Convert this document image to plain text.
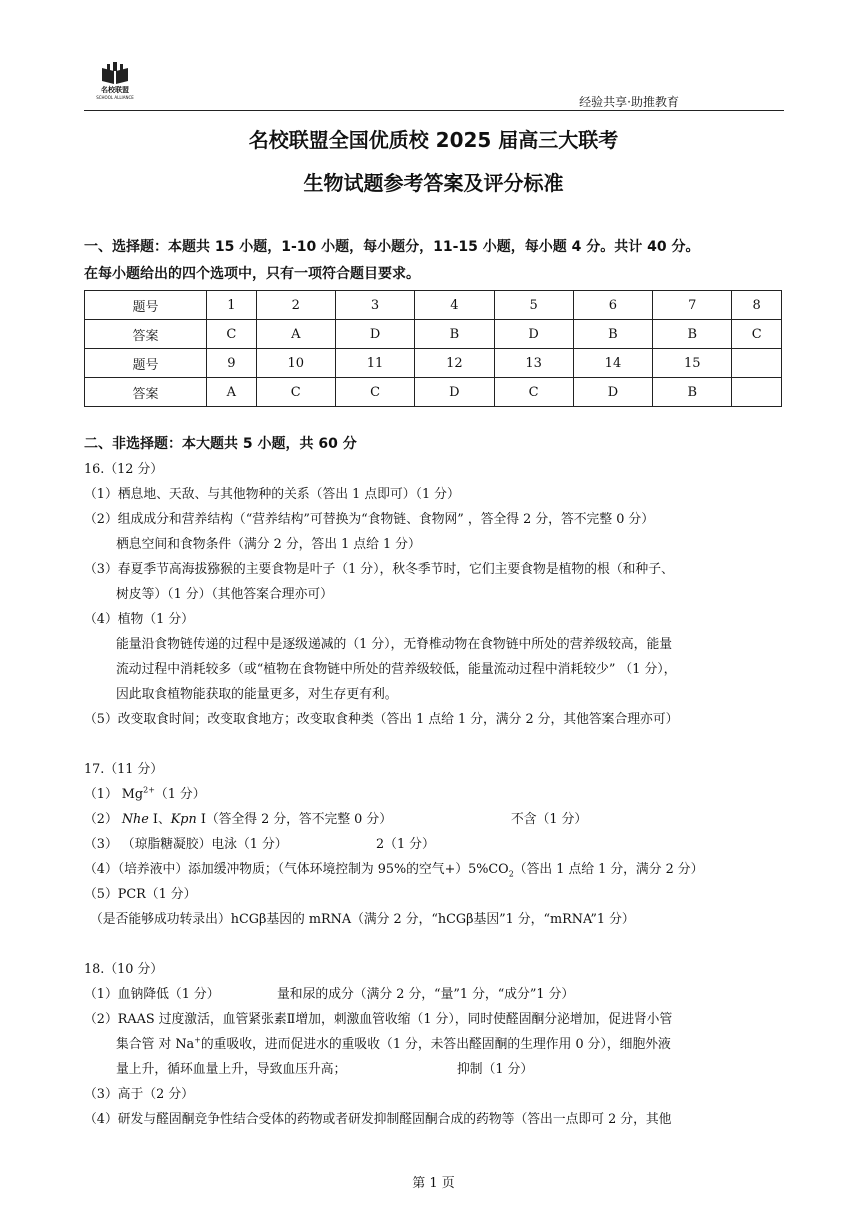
名校联盟
SCHOOL ALLIANCE	经验共享·助推教育
名校联盟全国优质校 2025 届高三大联考
生物试题参考答案及评分标准
一、选择题：本题共 15 小题，1-10 小题，每小题分，11-15 小题，每小题 4 分。共计 40 分。
在每小题给出的四个选项中，只有一项符合题目要求。
题号	1	2	3	4	5	6	7	8
答案	C	A	D	B	D	B	B	C
题号	9	10	11	12	13	14	15	
答案	A	C	C	D	C	D	B	
二、非选择题：本大题共 5 小题，共 60 分
16.（12 分）
（1）栖息地、天敌、与其他物种的关系（答出 1 点即可）（1 分）
（2）组成成分和营养结构（“营养结构”可替换为“食物链、食物网” ，答全得 2 分，答不完整 0 分）
栖息空间和食物条件（满分 2 分，答出 1 点给 1 分）
（3）春夏季节高海拔猕猴的主要食物是叶子（1 分），秋冬季节时，它们主要食物是植物的根（和种子、
树皮等）（1 分）（其他答案合理亦可）
（4）植物（1 分）
能量沿食物链传递的过程中是逐级递减的（1 分），无脊椎动物在食物链中所处的营养级较高，能量
流动过程中消耗较多（或“植物在食物链中所处的营养级较低，能量流动过程中消耗较少” （1 分），
因此取食植物能获取的能量更多，对生存更有利。
（5）改变取食时间；改变取食地方；改变取食种类（答出 1 点给 1 分，满分 2 分，其他答案合理亦可）
17.（11 分）
（1） $Mg^{2+}(1$ 分）
（2） Nhe Ⅰ、Kpn Ⅰ（答全得 2 分，答不完整 0 分）	不含（1 分）
（3） （琼脂糖凝胶）电泳（1 分）	2（1 分）
（4）（培养液中）添加缓冲物质；（气体环境控制为 95%的空气$+)5\%CO_2$（答出 1 点给 1 分，满分 2 分）
（5）PCR（1 分）
（是否能够成功转录出）hCGβ基因的 mRNA（满分 2 分，“hCGβ基因”1 分，“mRNA”1 分）
18.（10 分）
（1）血钠降低（1 分）	量和尿的成分（满分 2 分，“量”1 分，“成分”1 分）
（2）RAAS 过度激活，血管紧张素Ⅱ增加，刺激血管收缩（1 分），同时使醛固酮分泌增加，促进肾小管
集合管 对 Na+的重吸收，进而促进水的重吸收（1 分，未答出醛固酮的生理作用 0 分），细胞外液
量上升，循环血量上升，导致血压升高；	抑制（1 分）
（3）高于（2 分）
（4）研发与醛固酮竞争性结合受体的药物或者研发抑制醛固酮合成的药物等（答出一点即可 2 分，其他
第 1 页
